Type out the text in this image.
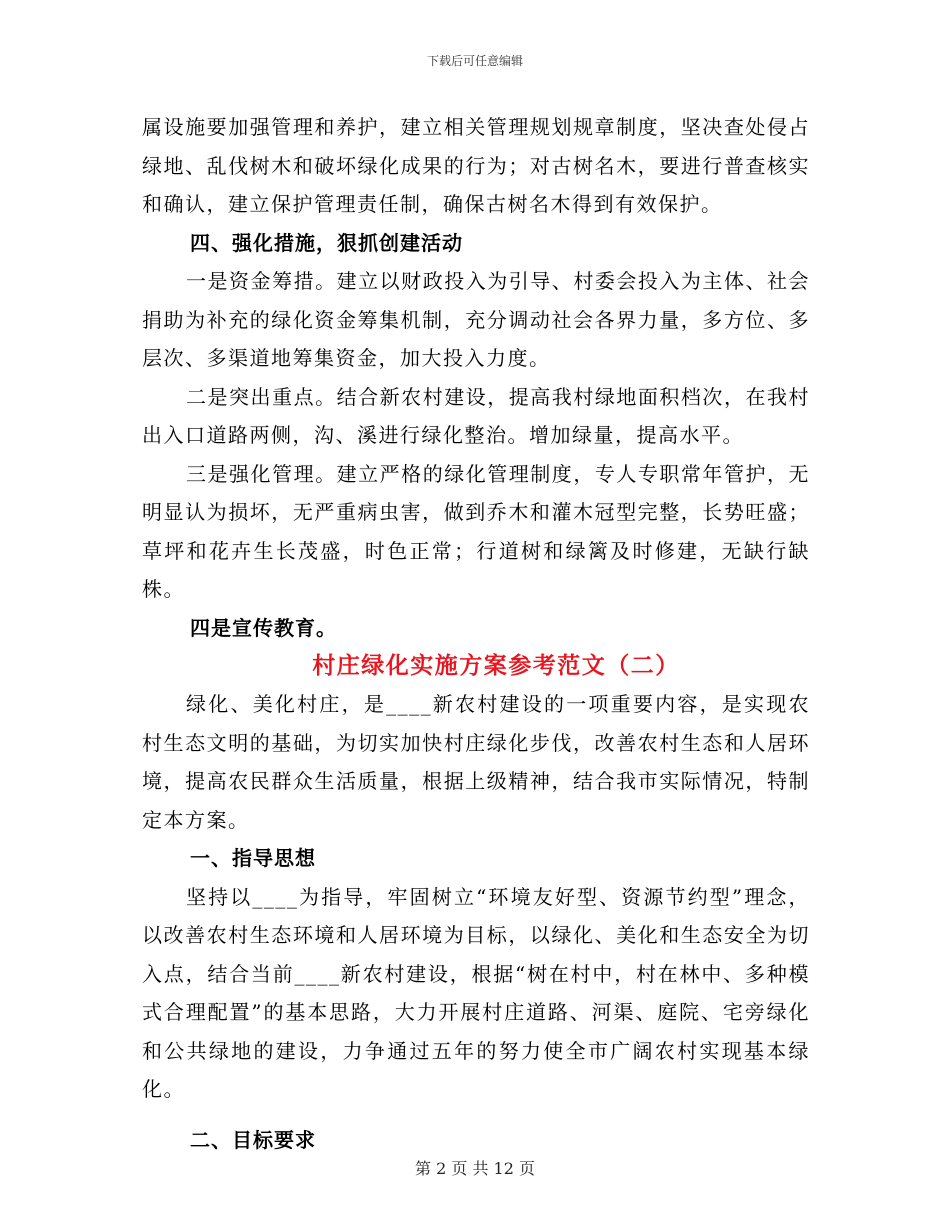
下载后可任意编辑

属设施要加强管理和养护，建立相关管理规划规章制度，坚决查处侵占绿地、乱伐树木和破坏绿化成果的行为；对古树名木，要进行普查核实和确认，建立保护管理责任制，确保古树名木得到有效保护。

四、强化措施，狠抓创建活动

一是资金筹措。建立以财政投入为引导、村委会投入为主体、社会捐助为补充的绿化资金筹集机制，充分调动社会各界力量，多方位、多层次、多渠道地筹集资金，加大投入力度。

二是突出重点。结合新农村建设，提高我村绿地面积档次，在我村出入口道路两侧，沟、溪进行绿化整治。增加绿量，提高水平。

三是强化管理。建立严格的绿化管理制度，专人专职常年管护，无明显认为损坏，无严重病虫害，做到乔木和灌木冠型完整，长势旺盛；草坪和花卉生长茂盛，时色正常；行道树和绿篱及时修建，无缺行缺株。

四是宣传教育。

村庄绿化实施方案参考范文（二）

绿化、美化村庄，是____新农村建设的一项重要内容，是实现农村生态文明的基础，为切实加快村庄绿化步伐，改善农村生态和人居环境，提高农民群众生活质量，根据上级精神，结合我市实际情况，特制定本方案。

一、指导思想

坚持以____为指导，牢固树立“环境友好型、资源节约型”理念，以改善农村生态环境和人居环境为目标，以绿化、美化和生态安全为切入点，结合当前____新农村建设，根据“树在村中，村在林中、多种模式合理配置”的基本思路，大力开展村庄道路、河渠、庭院、宅旁绿化和公共绿地的建设，力争通过五年的努力使全市广阔农村实现基本绿化。

二、目标要求

第 2 页 共 12 页
